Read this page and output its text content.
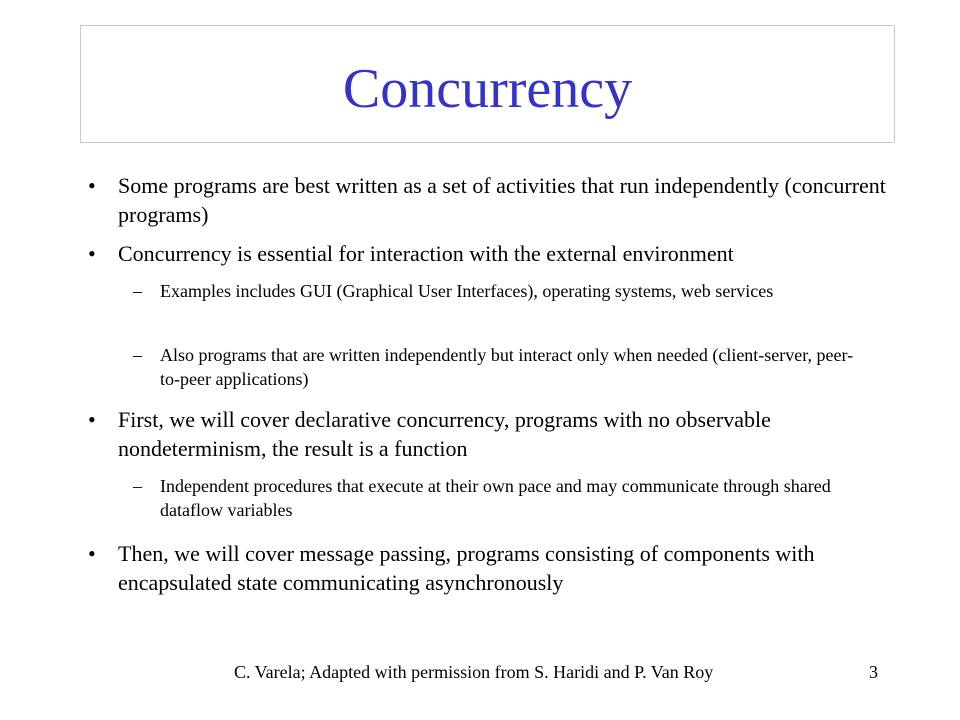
Concurrency
• Some programs are best written as a set of activities that run independently (concurrent programs)

• Concurrency is essential for interaction with the external environment

– Examples includes GUI (Graphical User Interfaces), operating systems, web services

– Also programs that are written independently but interact only when needed (client-server, peer-to-peer applications)

• First, we will cover declarative concurrency, programs with no observable nondeterminism, the result is a function

– Independent procedures that execute at their own pace and may communicate through shared dataflow variables

• Then, we will cover message passing, programs consisting of components with encapsulated state communicating asynchronously

C. Varela; Adapted with permission from S. Haridi and P. Van Roy	3
